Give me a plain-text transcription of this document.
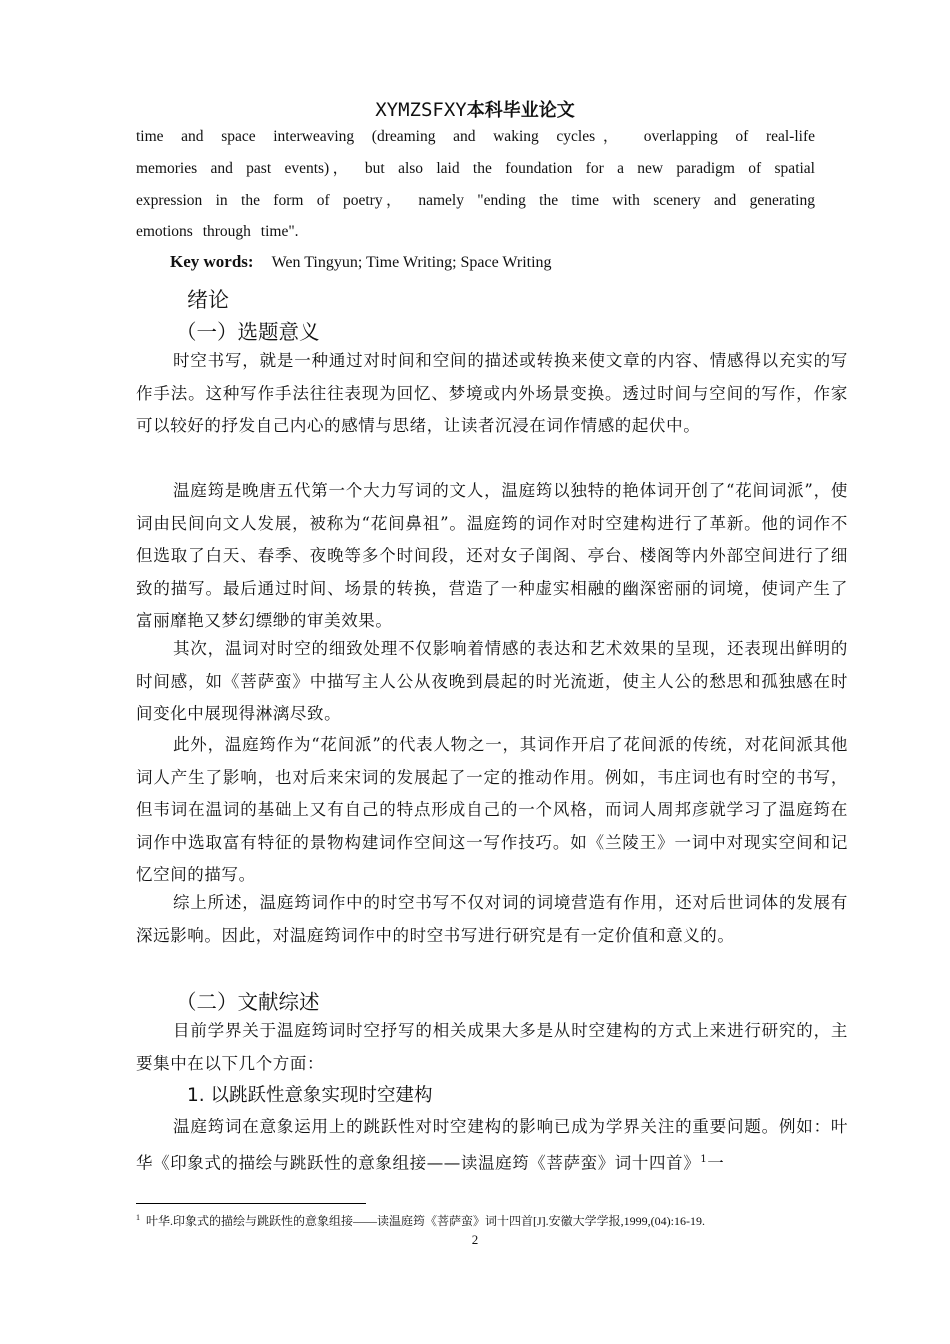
XYMZSFXY本科毕业论文
time and space interweaving (dreaming and waking cycles， overlapping of real-life
memories and past events)， but also laid the foundation for a new paradigm of spatial
expression in the form of poetry， namely "ending the time with scenery and generating
emotions through time".
Key words: Wen Tingyun; Time Writing; Space Writing
绪论
（一）选题意义
时空书写，就是一种通过对时间和空间的描述或转换来使文章的内容、情感得以充实的写作手法。这种写作手法往往表现为回忆、梦境或内外场景变换。透过时间与空间的写作，作家可以较好的抒发自己内心的感情与思绪，让读者沉浸在词作情感的起伏中。
温庭筠是晚唐五代第一个大力写词的文人，温庭筠以独特的艳体词开创了“花间词派”，使词由民间向文人发展，被称为“花间鼻祖”。温庭筠的词作对时空建构进行了革新。他的词作不但选取了白天、春季、夜晚等多个时间段，还对女子闺阁、亭台、楼阁等内外部空间进行了细致的描写。最后通过时间、场景的转换，营造了一种虚实相融的幽深密丽的词境，使词产生了富丽靡艳又梦幻缥缈的审美效果。
其次，温词对时空的细致处理不仅影响着情感的表达和艺术效果的呈现，还表现出鲜明的时间感，如《菩萨蛮》中描写主人公从夜晚到晨起的时光流逝，使主人公的愁思和孤独感在时间变化中展现得淋漓尽致。
此外，温庭筠作为“花间派”的代表人物之一，其词作开启了花间派的传统，对花间派其他词人产生了影响，也对后来宋词的发展起了一定的推动作用。例如，韦庄词也有时空的书写，但韦词在温词的基础上又有自己的特点形成自己的一个风格，而词人周邦彦就学习了温庭筠在词作中选取富有特征的景物构建词作空间这一写作技巧。如《兰陵王》一词中对现实空间和记忆空间的描写。
综上所述，温庭筠词作中的时空书写不仅对词的词境营造有作用，还对后世词体的发展有深远影响。因此，对温庭筠词作中的时空书写进行研究是有一定价值和意义的。
（二）文献综述
目前学界关于温庭筠词时空抒写的相关成果大多是从时空建构的方式上来进行研究的，主要集中在以下几个方面：
1. 以跳跃性意象实现时空建构
温庭筠词在意象运用上的跳跃性对时空建构的影响已成为学界关注的重要问题。例如：叶华《印象式的描绘与跳跃性的意象组接——读温庭筠《菩萨蛮》词十四首》$^1$一
$^1$ 叶华.印象式的描绘与跳跃性的意象组接——读温庭筠《菩萨蛮》词十四首[J].安徽大学学报,1999,(04):16-19.
2
